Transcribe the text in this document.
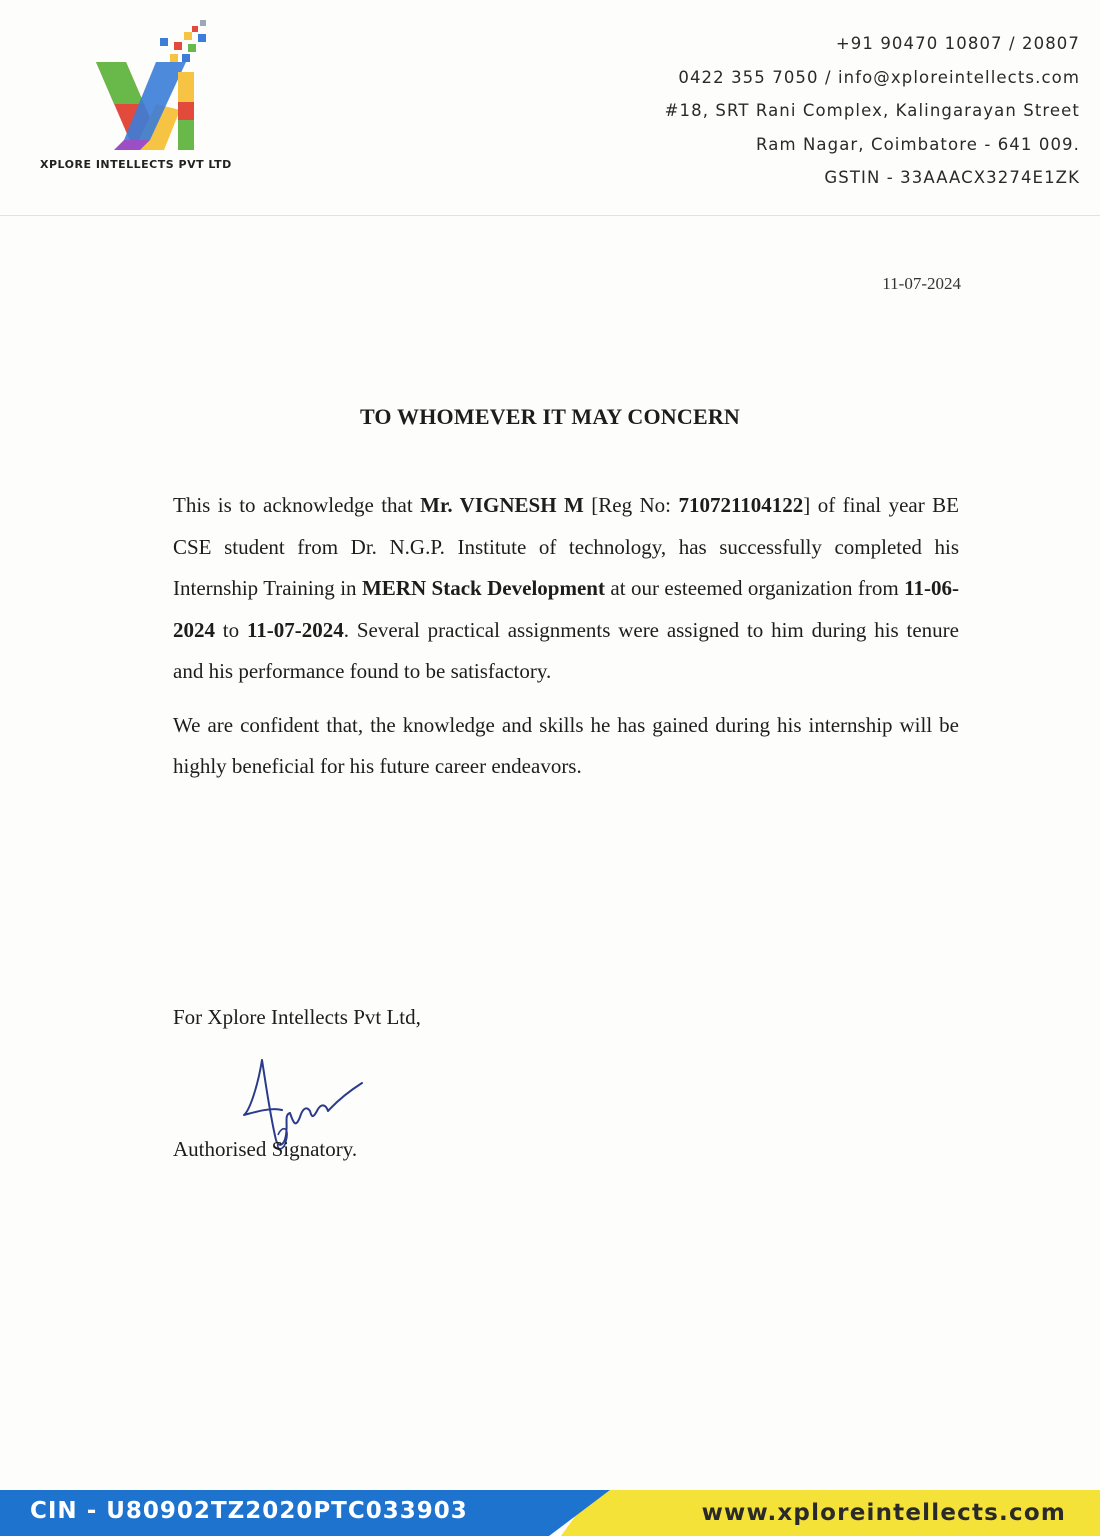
XPLORE INTELLECTS PVT LTD
+91 90470 10807 / 20807
0422 355 7050 / info@xploreintellects.com
#18, SRT Rani Complex, Kalingarayan Street
Ram Nagar, Coimbatore - 641 009.
GSTIN - 33AAACX3274E1ZK
11-07-2024
TO WHOMEVER IT MAY CONCERN

This is to acknowledge that Mr. VIGNESH M [Reg No: 710721104122] of final year BE CSE student from Dr. N.G.P. Institute of technology, has successfully completed his Internship Training in MERN Stack Development at our esteemed organization from 11-06-2024 to 11-07-2024. Several practical assignments were assigned to him during his tenure and his performance found to be satisfactory.

We are confident that, the knowledge and skills he has gained during his internship will be highly beneficial for his future career endeavors.

For Xplore Intellects Pvt Ltd,
Authorised Signatory.
CIN - U80902TZ2020PTC033903	www.xploreintellects.com
